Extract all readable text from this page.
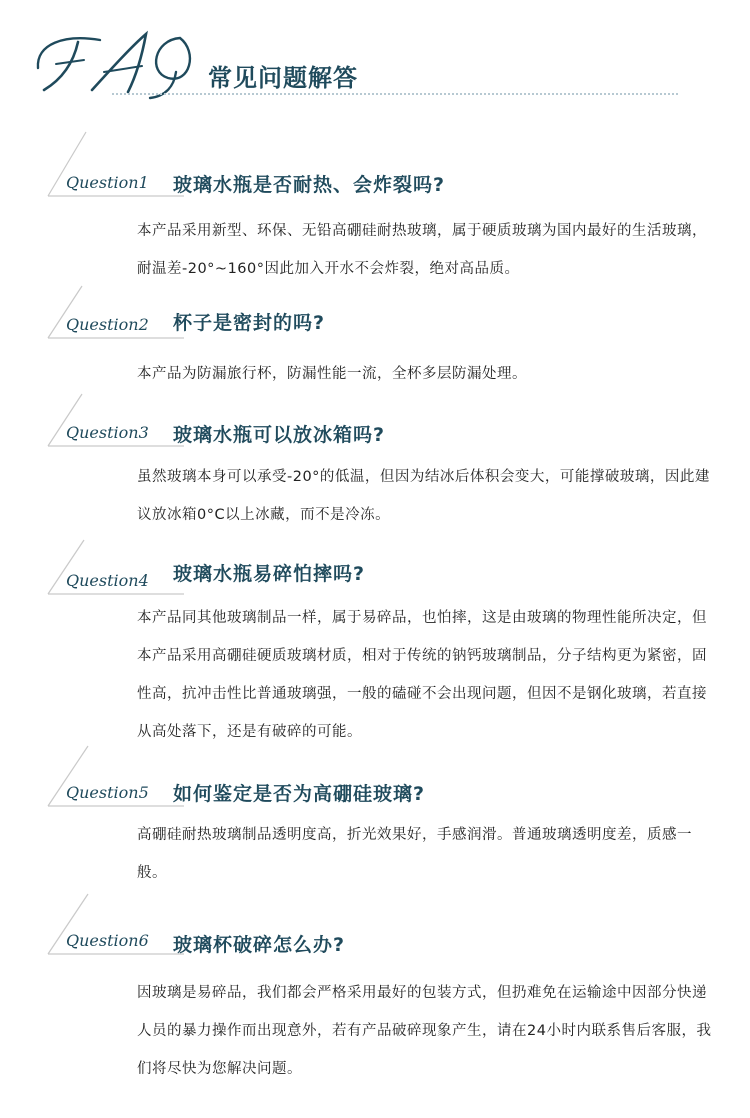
FAQ
常见问题解答
Question1 玻璃水瓶是否耐热、会炸裂吗?
本产品采用新型、环保、无铅高硼硅耐热玻璃，属于硬质玻璃为国内最好的生活玻璃，耐温差-20°~160°因此加入开水不会炸裂，绝对高品质。
Question2 杯子是密封的吗?
本产品为防漏旅行杯，防漏性能一流，全杯多层防漏处理。
Question3 玻璃水瓶可以放冰箱吗?
虽然玻璃本身可以承受-20°的低温，但因为结冰后体积会变大，可能撑破玻璃，因此建议放冰箱0°C以上冰藏，而不是冷冻。
Question4 玻璃水瓶易碎怕摔吗?
本产品同其他玻璃制品一样，属于易碎品，也怕摔，这是由玻璃的物理性能所决定，但本产品采用高硼硅硬质玻璃材质，相对于传统的钠钙玻璃制品，分子结构更为紧密，固性高，抗冲击性比普通玻璃强，一般的磕碰不会出现问题，但因不是钢化玻璃，若直接从高处落下，还是有破碎的可能。
Question5 如何鉴定是否为高硼硅玻璃?
高硼硅耐热玻璃制品透明度高，折光效果好，手感润滑。普通玻璃透明度差，质感一般。
Question6 玻璃杯破碎怎么办?
因玻璃是易碎品，我们都会严格采用最好的包装方式，但扔难免在运输途中因部分快递人员的暴力操作而出现意外，若有产品破碎现象产生，请在24小时内联系售后客服，我们将尽快为您解决问题。
